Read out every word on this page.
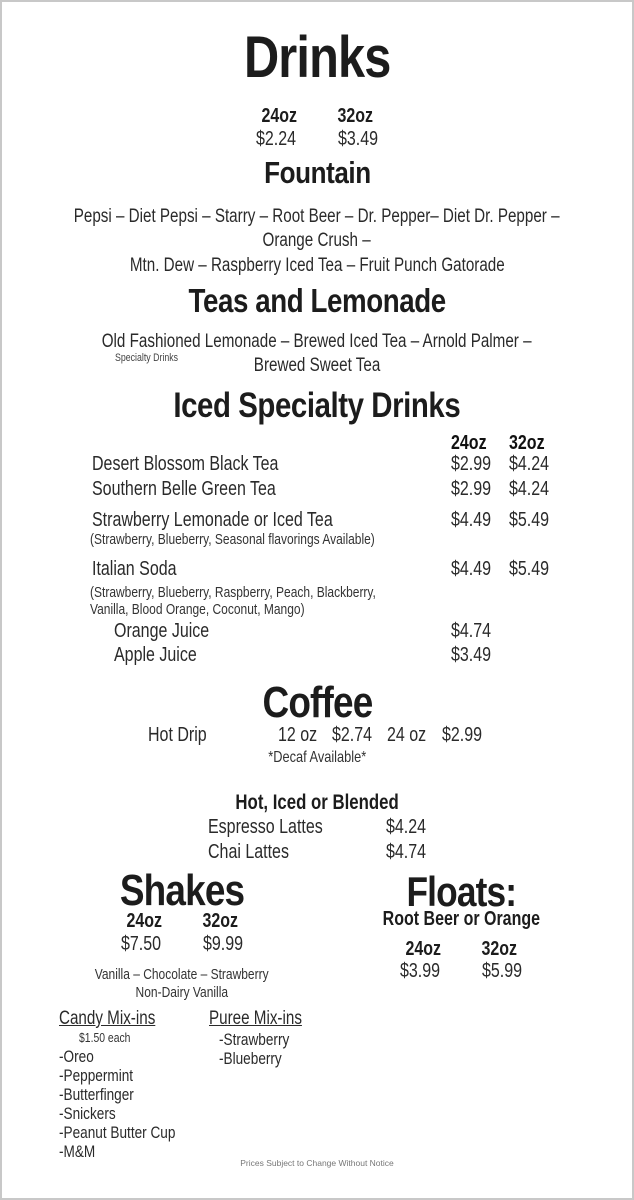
Drinks
24oz 32oz
$2.24 $3.49
Fountain
Pepsi – Diet Pepsi – Starry – Root Beer – Dr. Pepper– Diet Dr. Pepper –
Orange Crush –
Mtn. Dew – Raspberry Iced Tea – Fruit Punch Gatorade
Teas and Lemonade
Old Fashioned Lemonade – Brewed Iced Tea – Arnold Palmer –
Brewed Sweet Tea
Specialty Drinks
Iced Specialty Drinks
24oz	32oz
Desert Blossom Black Tea	$2.99 $4.24
Southern Belle Green Tea	$2.99 $4.24
Strawberry Lemonade or Iced Tea	$4.49 $5.49
(Strawberry, Blueberry, Seasonal flavorings Available)
Italian Soda	$4.49 $5.49
(Strawberry, Blueberry, Raspberry, Peach, Blackberry,
Vanilla, Blood Orange, Coconut, Mango)
Orange Juice	$4.74
Apple Juice	$3.49
Coffee
Hot Drip	12 oz $2.74 24 oz $2.99
*Decaf Available*
Hot, Iced or Blended
Espresso Lattes	$4.24
Chai Lattes	$4.74
Shakes
24oz 32oz
$7.50 $9.99
Vanilla – Chocolate – Strawberry
Non-Dairy Vanilla
Floats:
Root Beer or Orange
24oz 32oz
$3.99 $5.99
Candy Mix-ins
$1.50 each
-Oreo
-Peppermint
-Butterfinger
-Snickers
-Peanut Butter Cup
-M&M
Puree Mix-ins
-Strawberry
-Blueberry
Prices Subject to Change Without Notice
